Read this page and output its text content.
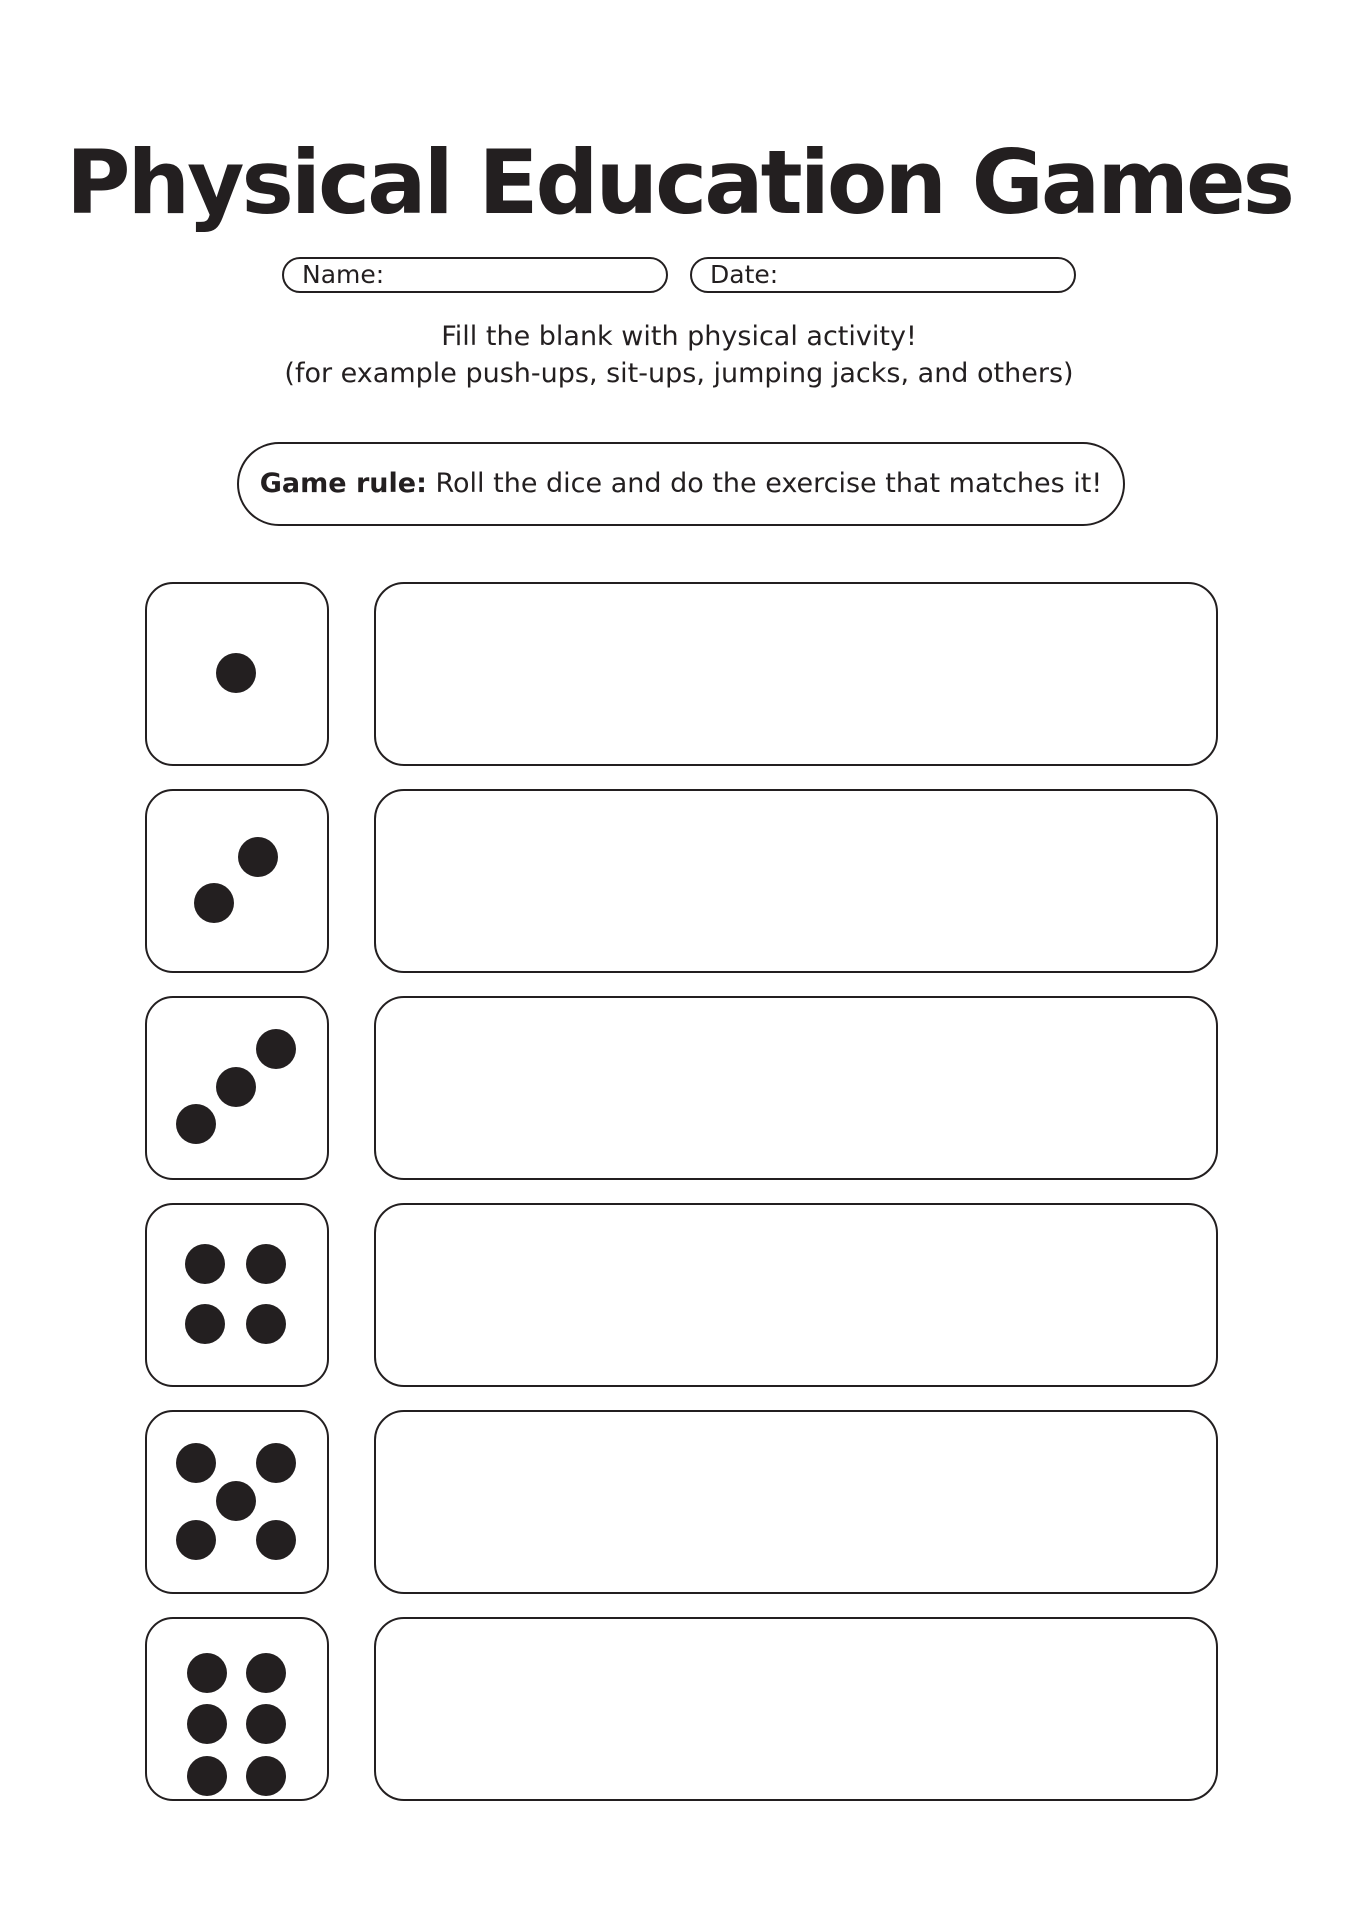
Physical Education Games
Name:	Date:
Fill the blank with physical activity!
(for example push-ups, sit-ups, jumping jacks, and others)
Game rule: Roll the dice and do the exercise that matches it!
